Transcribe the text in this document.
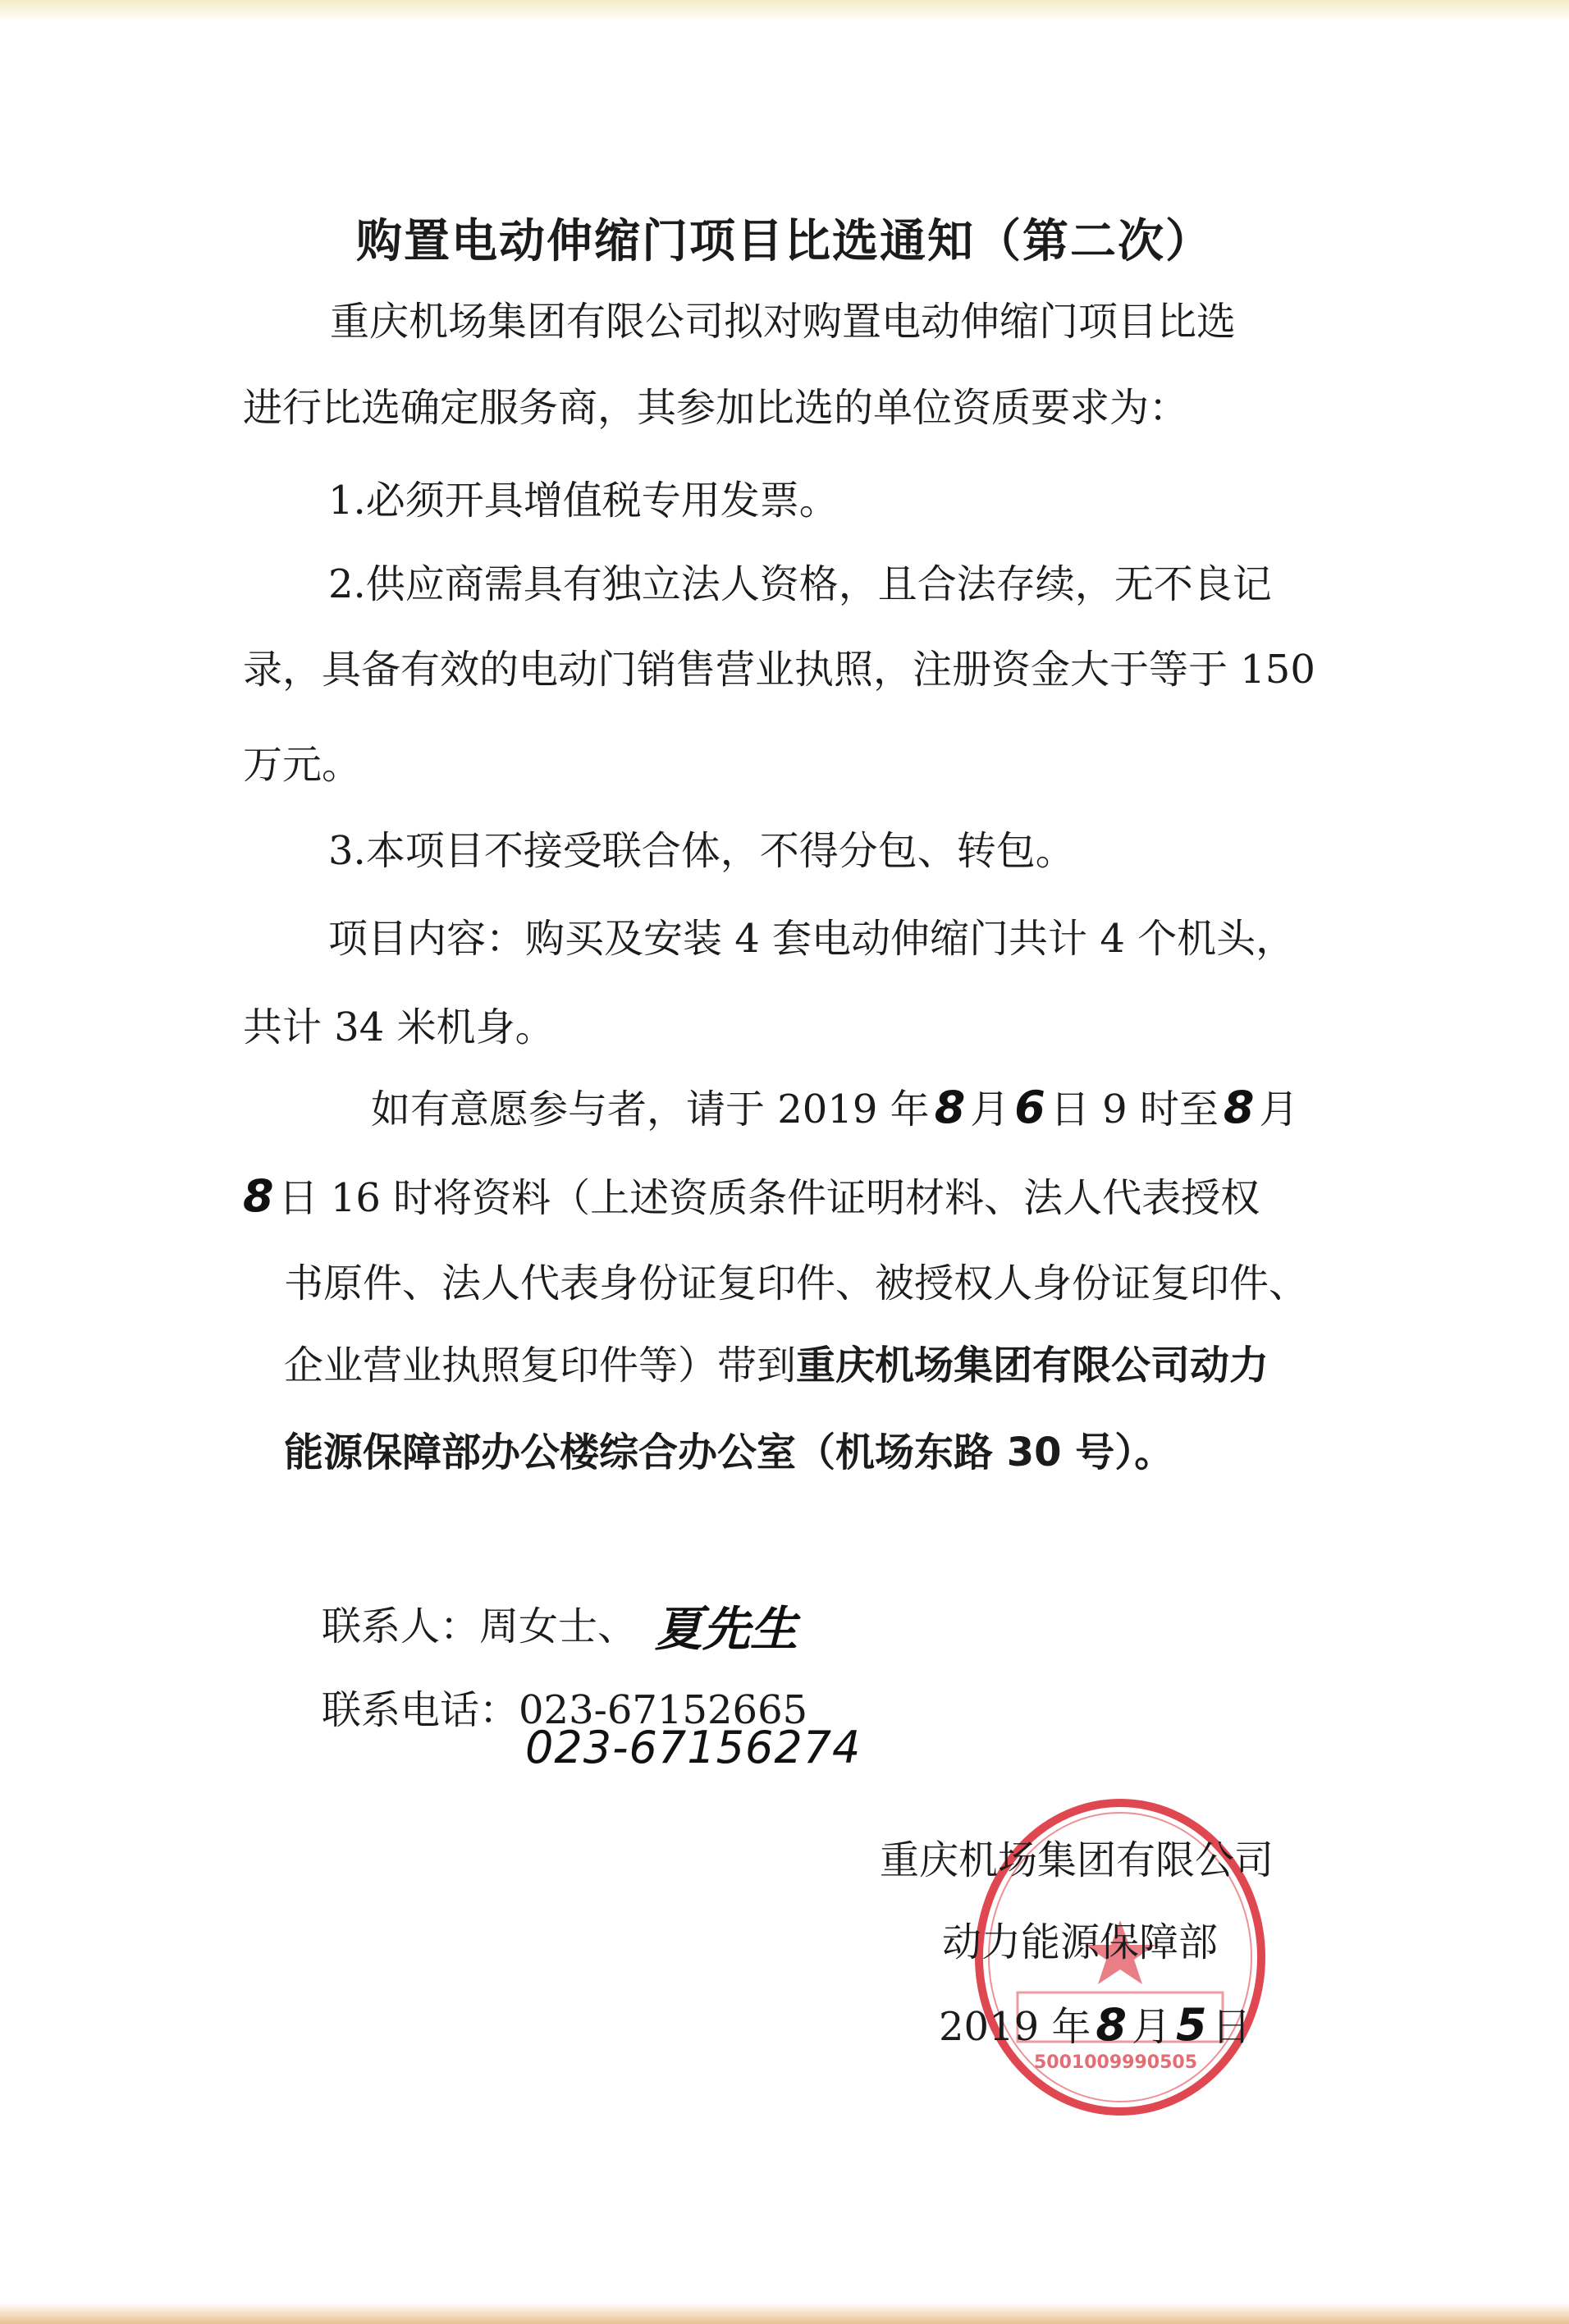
购置电动伸缩门项目比选通知（第二次）
重庆机场集团有限公司拟对购置电动伸缩门项目比选
进行比选确定服务商，其参加比选的单位资质要求为：
1.必须开具增值税专用发票。
2.供应商需具有独立法人资格，且合法存续，无不良记
录，具备有效的电动门销售营业执照，注册资金大于等于 150
万元。
3.本项目不接受联合体，不得分包、转包。
项目内容：购买及安装 4 套电动伸缩门共计 4 个机头，
共计 34 米机身。
如有意愿参与者，请于 2019 年 8 月 6 日 9 时至 8 月
8 日 16 时将资料（上述资质条件证明材料、法人代表授权
书原件、法人代表身份证复印件、被授权人身份证复印件、
企业营业执照复印件等）带到重庆机场集团有限公司动力
能源保障部办公楼综合办公室（机场东路 30 号）。
联系人：周女士、 夏先生
联系电话：023-67152665
023-67156274
5001009990505
重庆机场集团有限公司
动力能源保障部
2019 年 8 月 5 日
